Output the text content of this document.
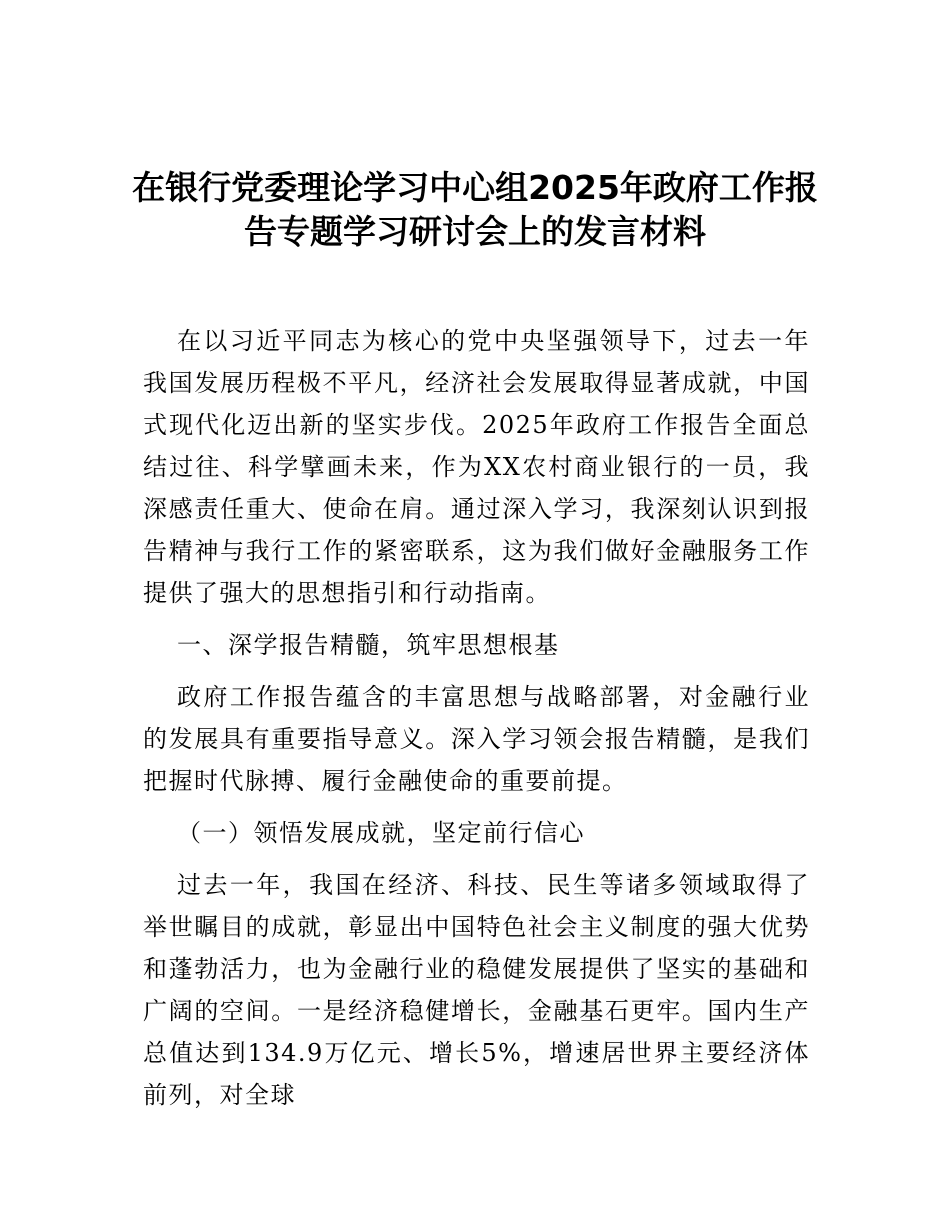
在银行党委理论学习中心组2025年政府工作报
告专题学习研讨会上的发言材料

在以习近平同志为核心的党中央坚强领导下，过去一年我国发展历程极不平凡，经济社会发展取得显著成就，中国式现代化迈出新的坚实步伐。2025年政府工作报告全面总结过往、科学擘画未来，作为XX农村商业银行的一员，我深感责任重大、使命在肩。通过深入学习，我深刻认识到报告精神与我行工作的紧密联系，这为我们做好金融服务工作提供了强大的思想指引和行动指南。

一、深学报告精髓，筑牢思想根基

政府工作报告蕴含的丰富思想与战略部署，对金融行业的发展具有重要指导意义。深入学习领会报告精髓，是我们把握时代脉搏、履行金融使命的重要前提。

（一）领悟发展成就，坚定前行信心

过去一年，我国在经济、科技、民生等诸多领域取得了举世瞩目的成就，彰显出中国特色社会主义制度的强大优势和蓬勃活力，也为金融行业的稳健发展提供了坚实的基础和广阔的空间。一是经济稳健增长，金融基石更牢。国内生产总值达到134.9万亿元、增长5%，增速居世界主要经济体前列，对全球
